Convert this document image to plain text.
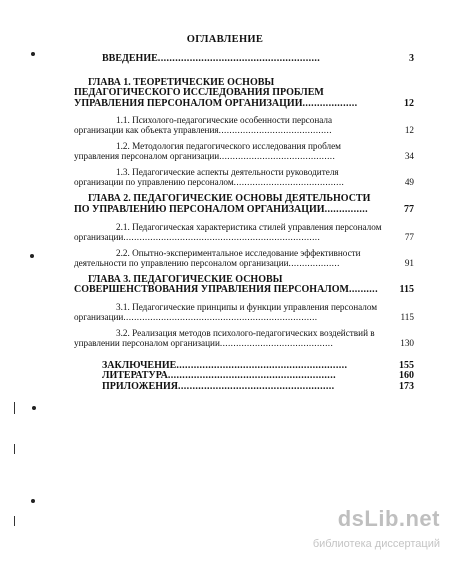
ОГЛАВЛЕНИЕ
ВВЕДЕНИЕ........................................................	3
ГЛАВА 1. ТЕОРЕТИЧЕСКИЕ ОСНОВЫ
ПЕДАГОГИЧЕСКОГО ИССЛЕДОВАНИЯ ПРОБЛЕМ
УПРАВЛЕНИЯ ПЕРСОНАЛОМ ОРГАНИЗАЦИИ...................	12
1.1. Психолого-педагогические особенности персонала
организации как объекта управления..........................................	12
1.2. Методология педагогического исследования проблем
управления персоналом организации...........................................	34
1.3. Педагогические аспекты деятельности руководителя
организации по управлению персоналом.........................................	49
ГЛАВА 2. ПЕДАГОГИЧЕСКИЕ ОСНОВЫ ДЕЯТЕЛЬНОСТИ
ПО УПРАВЛЕНИЮ ПЕРСОНАЛОМ ОРГАНИЗАЦИИ...............	77
2.1. Педагогическая характеристика стилей управления персоналом
организации.........................................................................	77
2.2. Опытно-экспериментальное исследование эффективности
деятельности по управлению персоналом организации...................	91
ГЛАВА 3. ПЕДАГОГИЧЕСКИЕ ОСНОВЫ
СОВЕРШЕНСТВОВАНИЯ УПРАВЛЕНИЯ ПЕРСОНАЛОМ..........	115
3.1. Педагогические принципы и функции управления персоналом
организации........................................................................	115
3.2. Реализация методов психолого-педагогических воздействий в
управлении персоналом организации..........................................	130
ЗАКЛЮЧЕНИЕ...........................................................	155
ЛИТЕРАТУРА..........................................................	160
ПРИЛОЖЕНИЯ......................................................	173
dsLib.net
библиотека диссертаций
